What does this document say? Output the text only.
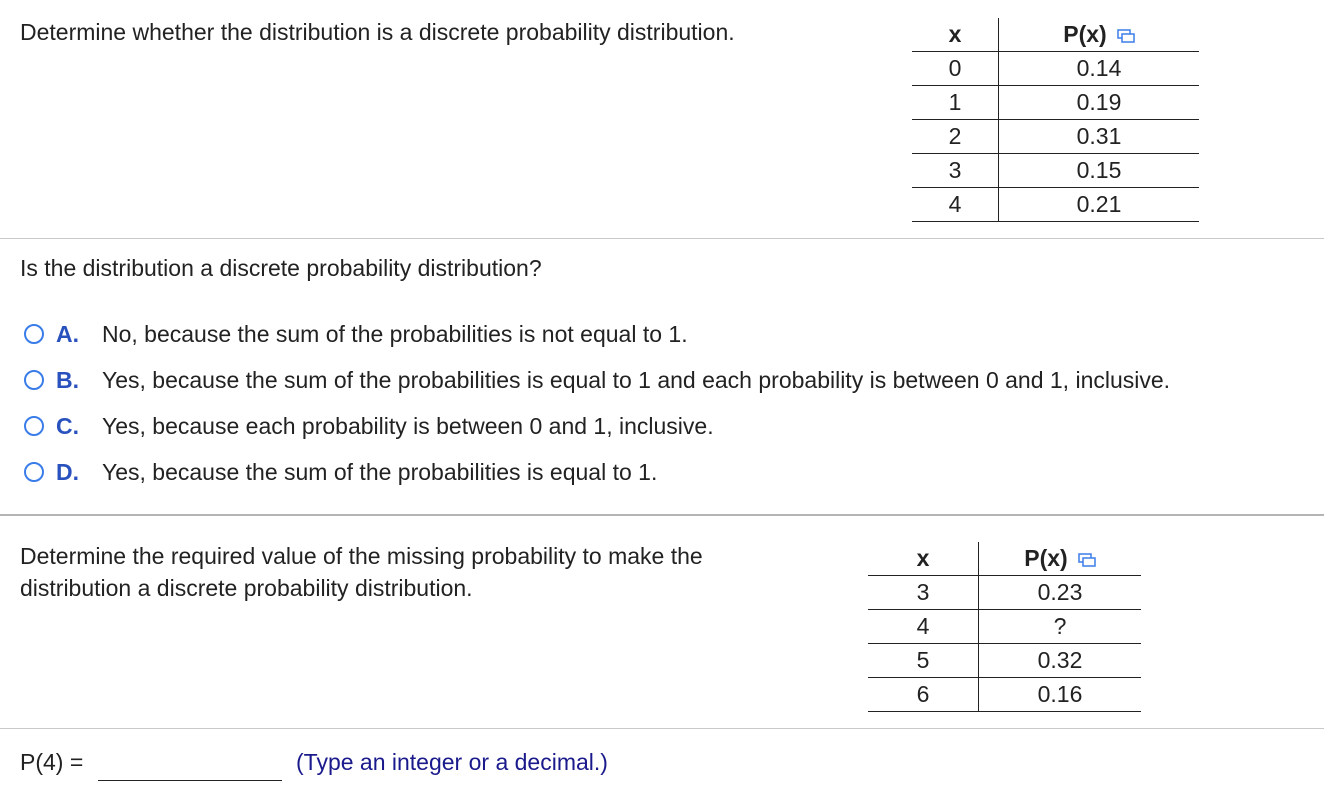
Determine whether the distribution is a discrete probability distribution.	x	P(x)

0	0.14
1	0.19
2	0.31
3	0.15
4	0.21
Is the distribution a discrete probability distribution?
A.	No, because the sum of the probabilities is not equal to 1.
B.	Yes, because the sum of the probabilities is equal to 1 and each probability is between 0 and 1, inclusive.
C.	Yes, because each probability is between 0 and 1, inclusive.
D.	Yes, because the sum of the probabilities is equal to 1.
Determine the required value of the missing probability to make the distribution a discrete probability distribution.
x	P(x)

3	0.23
4	?
5	0.32
6	0.16
P(4) =	(Type an integer or a decimal.)
